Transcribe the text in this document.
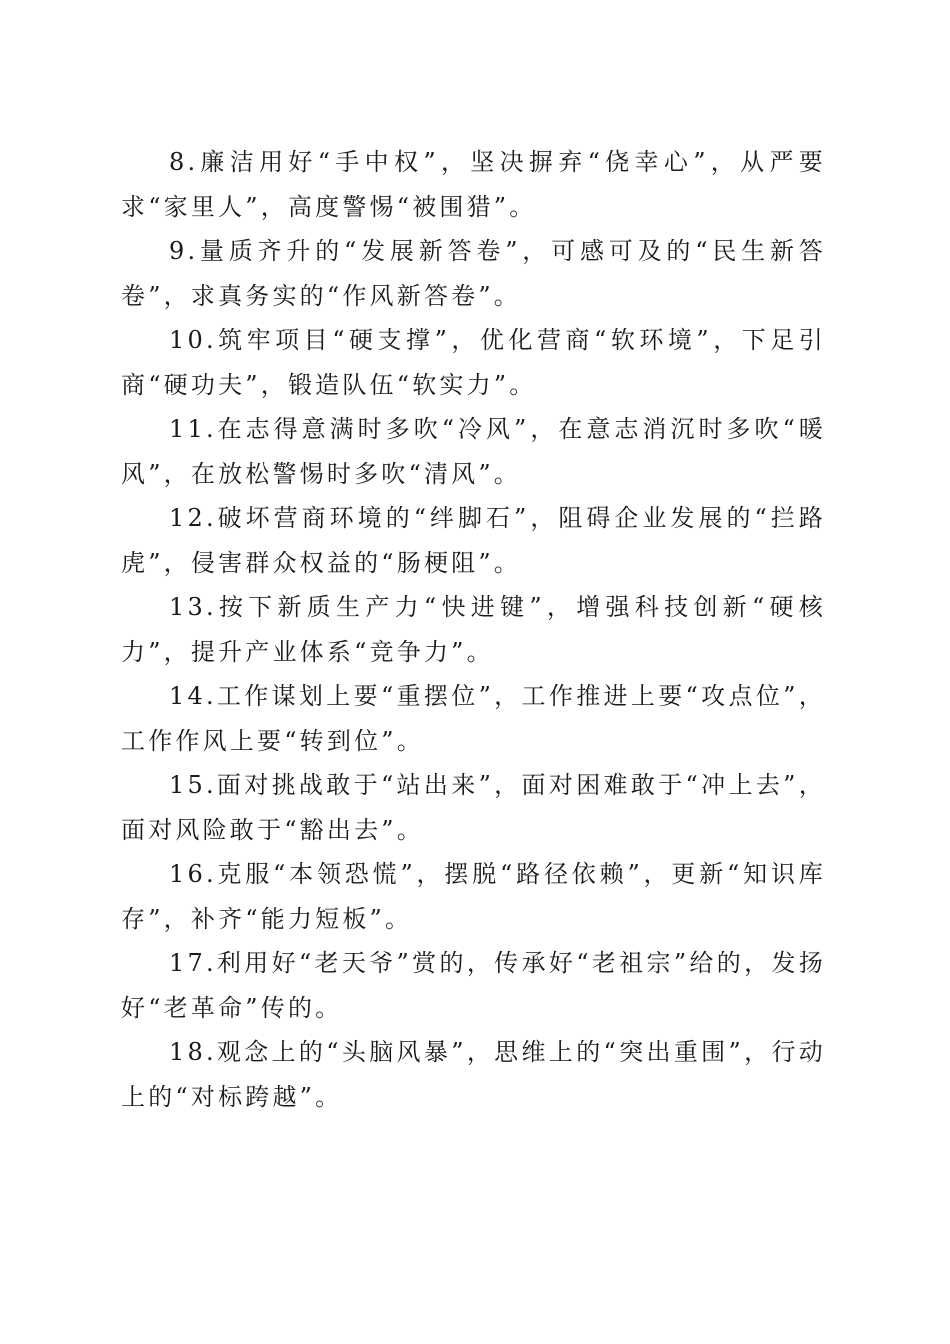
8.廉洁用好“手中权”，坚决摒弃“侥幸心”，从严要求“家里人”，高度警惕“被围猎”。

9.量质齐升的“发展新答卷”，可感可及的“民生新答卷”，求真务实的“作风新答卷”。

10.筑牢项目“硬支撑”，优化营商“软环境”，下足引商“硬功夫”，锻造队伍“软实力”。

11.在志得意满时多吹“冷风”，在意志消沉时多吹“暖风”，在放松警惕时多吹“清风”。

12.破坏营商环境的“绊脚石”，阻碍企业发展的“拦路虎”，侵害群众权益的“肠梗阻”。

13.按下新质生产力“快进键”，增强科技创新“硬核力”，提升产业体系“竞争力”。

14.工作谋划上要“重摆位”，工作推进上要“攻点位”，工作作风上要“转到位”。

15.面对挑战敢于“站出来”，面对困难敢于“冲上去”，面对风险敢于“豁出去”。

16.克服“本领恐慌”，摆脱“路径依赖”，更新“知识库存”，补齐“能力短板”。

17.利用好“老天爷”赏的，传承好“老祖宗”给的，发扬好“老革命”传的。

18.观念上的“头脑风暴”，思维上的“突出重围”，行动上的“对标跨越”。
